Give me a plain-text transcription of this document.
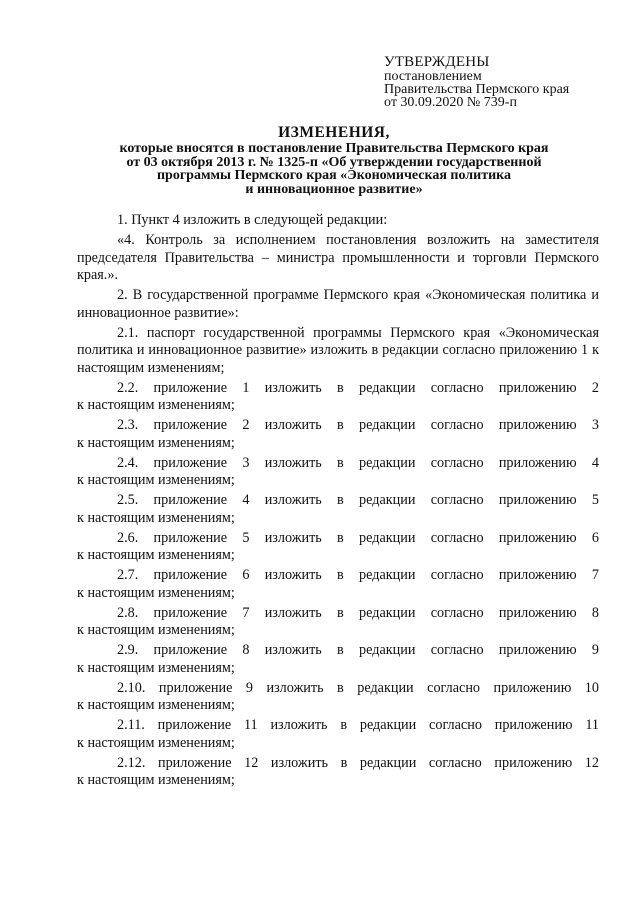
УТВЕРЖДЕНЫ
постановлением
Правительства Пермского края
от 30.09.2020 № 739-п
ИЗМЕНЕНИЯ,
которые вносятся в постановление Правительства Пермского края
от 03 октября 2013 г. № 1325-п «Об утверждении государственной
программы Пермского края «Экономическая политика
и инновационное развитие»

1. Пункт 4 изложить в следующей редакции:

«4. Контроль за исполнением постановления возложить на заместителя председателя Правительства – министра промышленности и торговли Пермского края.».

2. В государственной программе Пермского края «Экономическая политика и инновационное развитие»:

2.1. паспорт государственной программы Пермского края «Экономическая политика и инновационное развитие» изложить в редакции согласно приложению 1 к настоящим изменениям;

2.2. приложение 1 изложить в редакции согласно приложению 2
к настоящим изменениям;
2.3. приложение 2 изложить в редакции согласно приложению 3
к настоящим изменениям;
2.4. приложение 3 изложить в редакции согласно приложению 4
к настоящим изменениям;
2.5. приложение 4 изложить в редакции согласно приложению 5
к настоящим изменениям;
2.6. приложение 5 изложить в редакции согласно приложению 6
к настоящим изменениям;
2.7. приложение 6 изложить в редакции согласно приложению 7
к настоящим изменениям;
2.8. приложение 7 изложить в редакции согласно приложению 8
к настоящим изменениям;
2.9. приложение 8 изложить в редакции согласно приложению 9
к настоящим изменениям;
2.10. приложение 9 изложить в редакции согласно приложению 10
к настоящим изменениям;
2.11. приложение 11 изложить в редакции согласно приложению 11
к настоящим изменениям;
2.12. приложение 12 изложить в редакции согласно приложению 12
к настоящим изменениям;
